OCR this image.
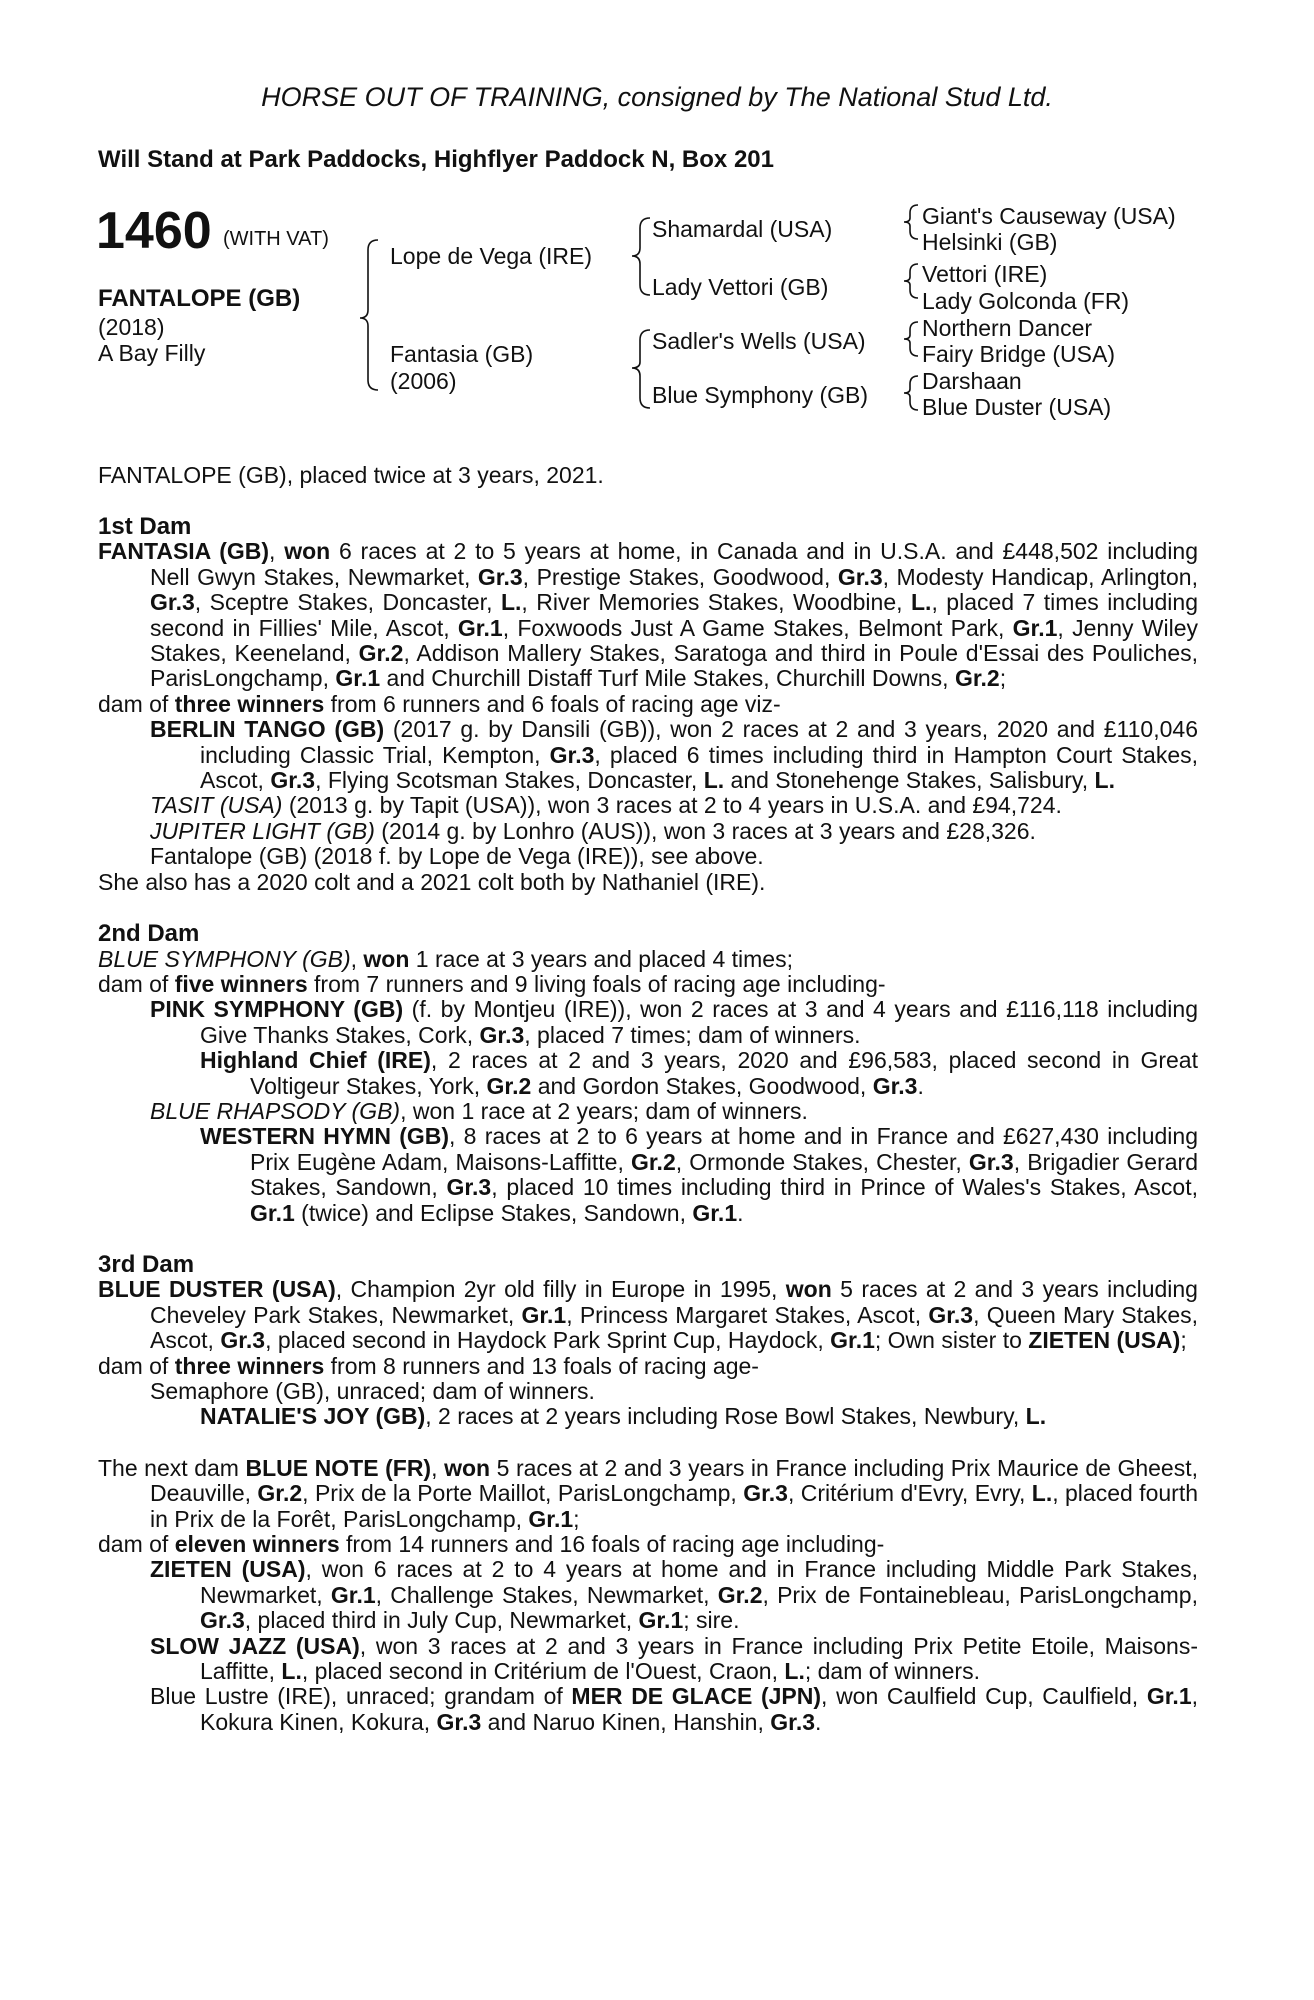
HORSE OUT OF TRAINING, consigned by The National Stud Ltd.
Will Stand at Park Paddocks, Highflyer Paddock N, Box 201
1460 (WITH VAT)
FANTALOPE (GB)
(2018)
A Bay Filly
Lope de Vega (IRE)
Fantasia (GB)
(2006)
Shamardal (USA)
Lady Vettori (GB)
Sadler's Wells (USA)
Blue Symphony (GB)
Giant's Causeway (USA)
Helsinki (GB)
Vettori (IRE)
Lady Golconda (FR)
Northern Dancer
Fairy Bridge (USA)
Darshaan
Blue Duster (USA)
FANTALOPE (GB), placed twice at 3 years, 2021.

1st Dam

FANTASIA (GB), won 6 races at 2 to 5 years at home, in Canada and in U.S.A. and £448,502 including Nell Gwyn Stakes, Newmarket, Gr.3, Prestige Stakes, Goodwood, Gr.3, Modesty Handicap, Arlington, Gr.3, Sceptre Stakes, Doncaster, L., River Memories Stakes, Woodbine, L., placed 7 times including second in Fillies' Mile, Ascot, Gr.1, Foxwoods Just A Game Stakes, Belmont Park, Gr.1, Jenny Wiley Stakes, Keeneland, Gr.2, Addison Mallery Stakes, Saratoga and third in Poule d'Essai des Pouliches, ParisLongchamp, Gr.1 and Churchill Distaff Turf Mile Stakes, Churchill Downs, Gr.2;

dam of three winners from 6 runners and 6 foals of racing age viz-

BERLIN TANGO (GB) (2017 g. by Dansili (GB)), won 2 races at 2 and 3 years, 2020 and £110,046 including Classic Trial, Kempton, Gr.3, placed 6 times including third in Hampton Court Stakes, Ascot, Gr.3, Flying Scotsman Stakes, Doncaster, L. and Stonehenge Stakes, Salisbury, L.

TASIT (USA) (2013 g. by Tapit (USA)), won 3 races at 2 to 4 years in U.S.A. and £94,724.

JUPITER LIGHT (GB) (2014 g. by Lonhro (AUS)), won 3 races at 3 years and £28,326.

Fantalope (GB) (2018 f. by Lope de Vega (IRE)), see above.

She also has a 2020 colt and a 2021 colt both by Nathaniel (IRE).

2nd Dam

BLUE SYMPHONY (GB), won 1 race at 3 years and placed 4 times;

dam of five winners from 7 runners and 9 living foals of racing age including-

PINK SYMPHONY (GB) (f. by Montjeu (IRE)), won 2 races at 3 and 4 years and £116,118 including Give Thanks Stakes, Cork, Gr.3, placed 7 times; dam of winners.

Highland Chief (IRE), 2 races at 2 and 3 years, 2020 and £96,583, placed second in Great Voltigeur Stakes, York, Gr.2 and Gordon Stakes, Goodwood, Gr.3.

BLUE RHAPSODY (GB), won 1 race at 2 years; dam of winners.

WESTERN HYMN (GB), 8 races at 2 to 6 years at home and in France and £627,430 including Prix Eugène Adam, Maisons-Laffitte, Gr.2, Ormonde Stakes, Chester, Gr.3, Brigadier Gerard Stakes, Sandown, Gr.3, placed 10 times including third in Prince of Wales's Stakes, Ascot, Gr.1 (twice) and Eclipse Stakes, Sandown, Gr.1.

3rd Dam

BLUE DUSTER (USA), Champion 2yr old filly in Europe in 1995, won 5 races at 2 and 3 years including Cheveley Park Stakes, Newmarket, Gr.1, Princess Margaret Stakes, Ascot, Gr.3, Queen Mary Stakes, Ascot, Gr.3, placed second in Haydock Park Sprint Cup, Haydock, Gr.1; Own sister to ZIETEN (USA);

dam of three winners from 8 runners and 13 foals of racing age-

Semaphore (GB), unraced; dam of winners.

NATALIE'S JOY (GB), 2 races at 2 years including Rose Bowl Stakes, Newbury, L.

The next dam BLUE NOTE (FR), won 5 races at 2 and 3 years in France including Prix Maurice de Gheest, Deauville, Gr.2, Prix de la Porte Maillot, ParisLongchamp, Gr.3, Critérium d'Evry, Evry, L., placed fourth in Prix de la Forêt, ParisLongchamp, Gr.1;

dam of eleven winners from 14 runners and 16 foals of racing age including-

ZIETEN (USA), won 6 races at 2 to 4 years at home and in France including Middle Park Stakes, Newmarket, Gr.1, Challenge Stakes, Newmarket, Gr.2, Prix de Fontainebleau, ParisLongchamp, Gr.3, placed third in July Cup, Newmarket, Gr.1; sire.

SLOW JAZZ (USA), won 3 races at 2 and 3 years in France including Prix Petite Etoile, Maisons-Laffitte, L., placed second in Critérium de l'Ouest, Craon, L.; dam of winners.

Blue Lustre (IRE), unraced; grandam of MER DE GLACE (JPN), won Caulfield Cup, Caulfield, Gr.1, Kokura Kinen, Kokura, Gr.3 and Naruo Kinen, Hanshin, Gr.3.
